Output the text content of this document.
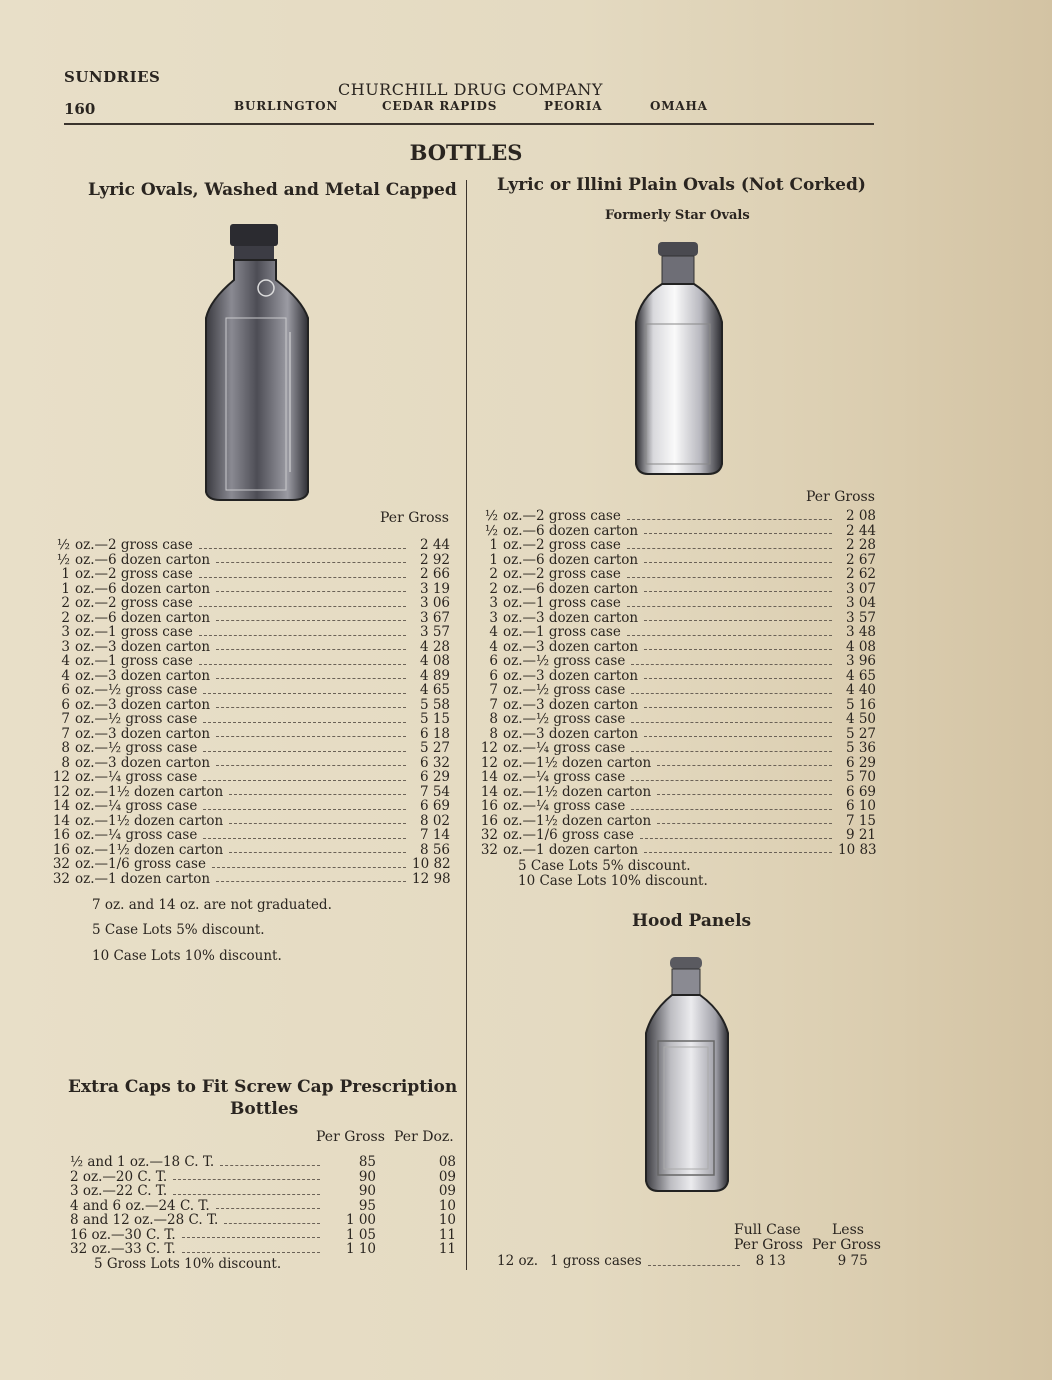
SUNDRIES
160
CHURCHILL DRUG COMPANY
BURLINGTON	CEDAR RAPIDS	PEORIA	OMAHA
BOTTLES
Lyric Ovals, Washed and Metal Capped
Per Gross
½ oz.—2 gross case	2 44
½ oz.—6 dozen carton	2 92
1 oz.—2 gross case	2 66
1 oz.—6 dozen carton	3 19
2 oz.—2 gross case	3 06
2 oz.—6 dozen carton	3 67
3 oz.—1 gross case	3 57
3 oz.—3 dozen carton	4 28
4 oz.—1 gross case	4 08
4 oz.—3 dozen carton	4 89
6 oz.—½ gross case	4 65
6 oz.—3 dozen carton	5 58
7 oz.—½ gross case	5 15
7 oz.—3 dozen carton	6 18
8 oz.—½ gross case	5 27
8 oz.—3 dozen carton	6 32
12 oz.—¼ gross case	6 29
12 oz.—1½ dozen carton	7 54
14 oz.—¼ gross case	6 69
14 oz.—1½ dozen carton	8 02
16 oz.—¼ gross case	7 14
16 oz.—1½ dozen carton	8 56
32 oz.—1/6 gross case	10 82
32 oz.—1 dozen carton	12 98
7 oz. and 14 oz. are not graduated.
5 Case Lots 5% discount.
10 Case Lots 10% discount.
Extra Caps to Fit Screw Cap Prescription
Bottles
Per Gross Per Doz.
½ and 1 oz.—18 C. T.	85	08
2 oz.—20 C. T.	90	09
3 oz.—22 C. T.	90	09
4 and 6 oz.—24 C. T.	95	10
8 and 12 oz.—28 C. T.	1 00	10
16 oz.—30 C. T.	1 05	11
32 oz.—33 C. T.	1 10	11
5 Gross Lots 10% discount.
Lyric or Illini Plain Ovals (Not Corked)
Formerly Star Ovals
Per Gross
½ oz.—2 gross case	2 08
½ oz.—6 dozen carton	2 44
1 oz.—2 gross case	2 28
1 oz.—6 dozen carton	2 67
2 oz.—2 gross case	2 62
2 oz.—6 dozen carton	3 07
3 oz.—1 gross case	3 04
3 oz.—3 dozen carton	3 57
4 oz.—1 gross case	3 48
4 oz.—3 dozen carton	4 08
6 oz.—½ gross case	3 96
6 oz.—3 dozen carton	4 65
7 oz.—½ gross case	4 40
7 oz.—3 dozen carton	5 16
8 oz.—½ gross case	4 50
8 oz.—3 dozen carton	5 27
12 oz.—¼ gross case	5 36
12 oz.—1½ dozen carton	6 29
14 oz.—¼ gross case	5 70
14 oz.—1½ dozen carton	6 69
16 oz.—¼ gross case	6 10
16 oz.—1½ dozen carton	7 15
32 oz.—1/6 gross case	9 21
32 oz.—1 dozen carton	10 83
5 Case Lots 5% discount.
10 Case Lots 10% discount.
Hood Panels
Full Case
Per Gross
Less
Per Gross
12 oz. 1 gross cases	8 13	9 75
